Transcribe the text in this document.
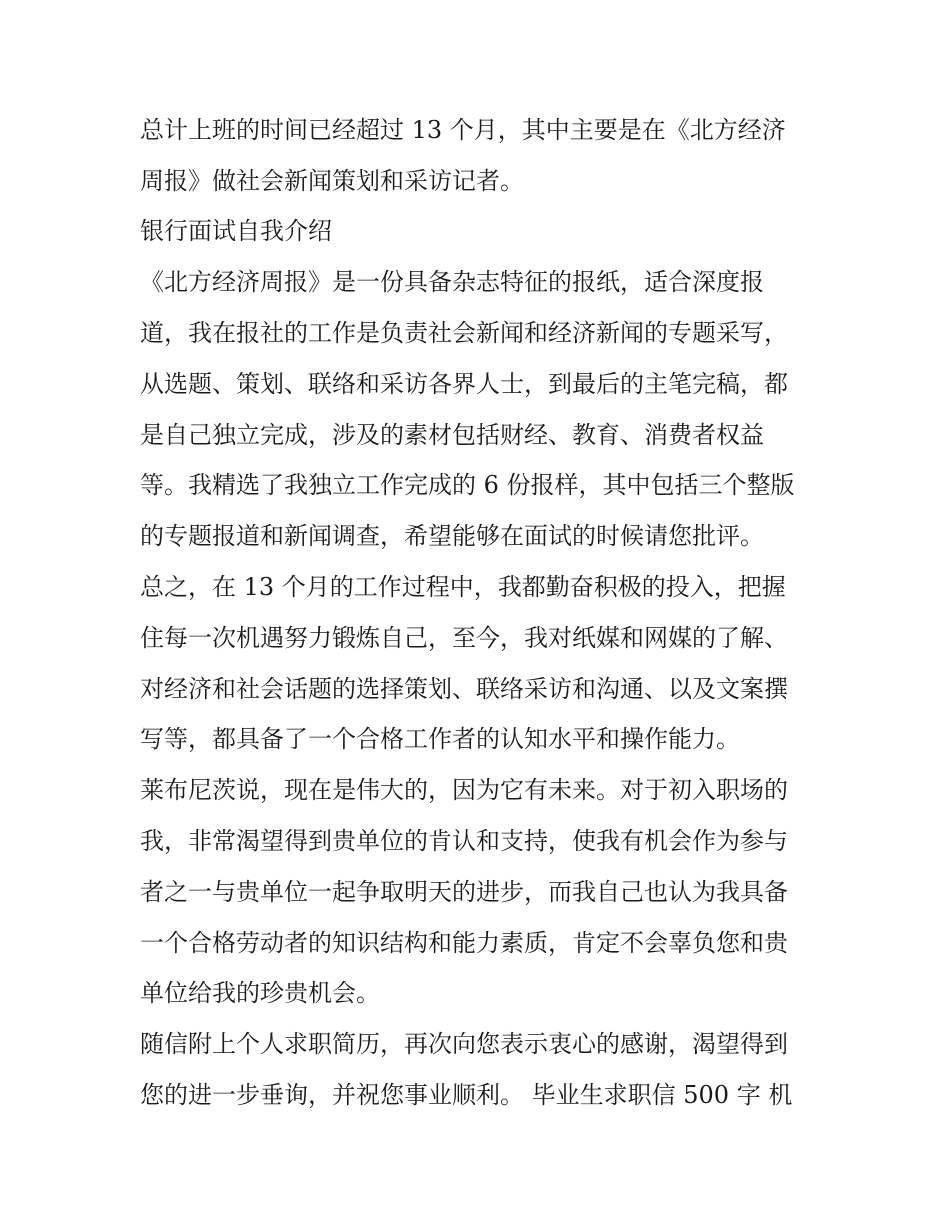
总计上班的时间已经超过 13 个月，其中主要是在《北方经济

周报》做社会新闻策划和采访记者。

银行面试自我介绍

《北方经济周报》是一份具备杂志特征的报纸，适合深度报

道，我在报社的工作是负责社会新闻和经济新闻的专题采写，

从选题、策划、联络和采访各界人士，到最后的主笔完稿，都

是自己独立完成，涉及的素材包括财经、教育、消费者权益

等。我精选了我独立工作完成的 6 份报样，其中包括三个整版

的专题报道和新闻调查，希望能够在面试的时候请您批评。

总之，在 13 个月的工作过程中，我都勤奋积极的投入，把握

住每一次机遇努力锻炼自己，至今，我对纸媒和网媒的了解、

对经济和社会话题的选择策划、联络采访和沟通、以及文案撰

写等，都具备了一个合格工作者的认知水平和操作能力。

莱布尼茨说，现在是伟大的，因为它有未来。对于初入职场的

我，非常渴望得到贵单位的肯认和支持，使我有机会作为参与

者之一与贵单位一起争取明天的进步，而我自己也认为我具备

一个合格劳动者的知识结构和能力素质，肯定不会辜负您和贵

单位给我的珍贵机会。

随信附上个人求职简历，再次向您表示衷心的感谢，渴望得到

您的进一步垂询，并祝您事业顺利。 毕业生求职信 500 字 机
